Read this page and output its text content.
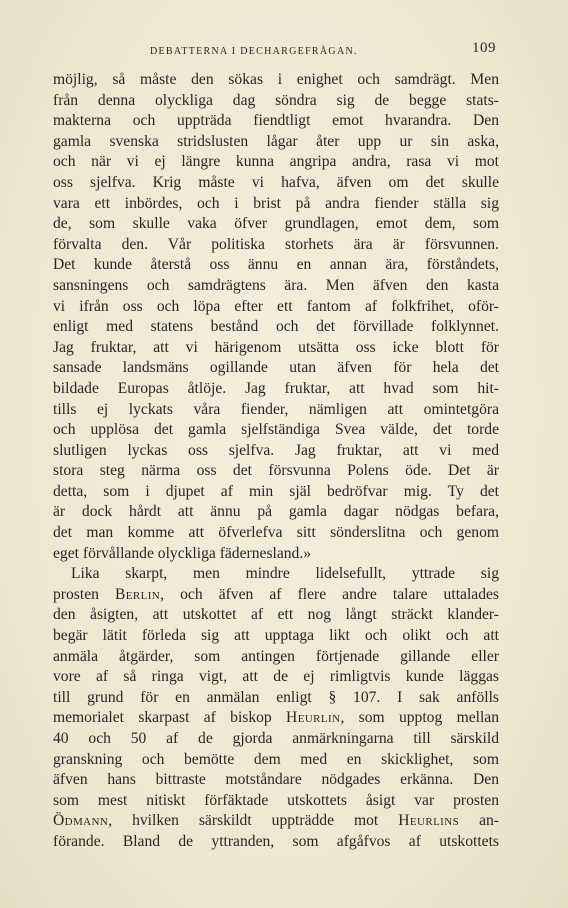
DEBATTERNA I DECHARGEFRÅGAN.	109
möjlig, så måste den sökas i enighet och samdrägt. Men
från denna olyckliga dag söndra sig de begge stats-
makterna och uppträda fiendtligt emot hvarandra. Den
gamla svenska stridslusten lågar åter upp ur sin aska,
och när vi ej längre kunna angripa andra, rasa vi mot
oss sjelfva. Krig måste vi hafva, äfven om det skulle
vara ett inbördes, och i brist på andra fiender ställa sig
de, som skulle vaka öfver grundlagen, emot dem, som
förvalta den. Vår politiska storhets ära är försvunnen.
Det kunde återstå oss ännu en annan ära, förståndets,
sansningens och samdrägtens ära. Men äfven den kasta
vi ifrån oss och löpa efter ett fantom af folkfrihet, oför-
enligt med statens bestånd och det förvillade folklynnet.
Jag fruktar, att vi härigenom utsätta oss icke blott för
sansade landsmäns ogillande utan äfven för hela det
bildade Europas åtlöje. Jag fruktar, att hvad som hit-
tills ej lyckats våra fiender, nämligen att omintetgöra
och upplösa det gamla sjelfständiga Svea välde, det torde
slutligen lyckas oss sjelfva. Jag fruktar, att vi med
stora steg närma oss det försvunna Polens öde. Det är
detta, som i djupet af min själ bedröfvar mig. Ty det
är dock hårdt att ännu på gamla dagar nödgas befara,
det man komme att öfverlefva sitt sönderslitna och genom
eget förvållande olyckliga fädernesland.»
Lika skarpt, men mindre lidelsefullt, yttrade sig
prosten Berlin, och äfven af flere andre talare uttalades
den åsigten, att utskottet af ett nog långt sträckt klander-
begär lätit förleda sig att upptaga likt och olikt och att
anmäla åtgärder, som antingen förtjenade gillande eller
vore af så ringa vigt, att de ej rimligtvis kunde läggas
till grund för en anmälan enligt § 107. I sak anfölls
memorialet skarpast af biskop Heurlin, som upptog mellan
40 och 50 af de gjorda anmärkningarna till särskild
granskning och bemötte dem med en skicklighet, som
äfven hans bittraste motståndare nödgades erkänna. Den
som mest nitiskt förfäktade utskottets åsigt var prosten
Ödmann, hvilken särskildt uppträdde mot Heurlins an-
förande. Bland de yttranden, som afgåfvos af utskottets
